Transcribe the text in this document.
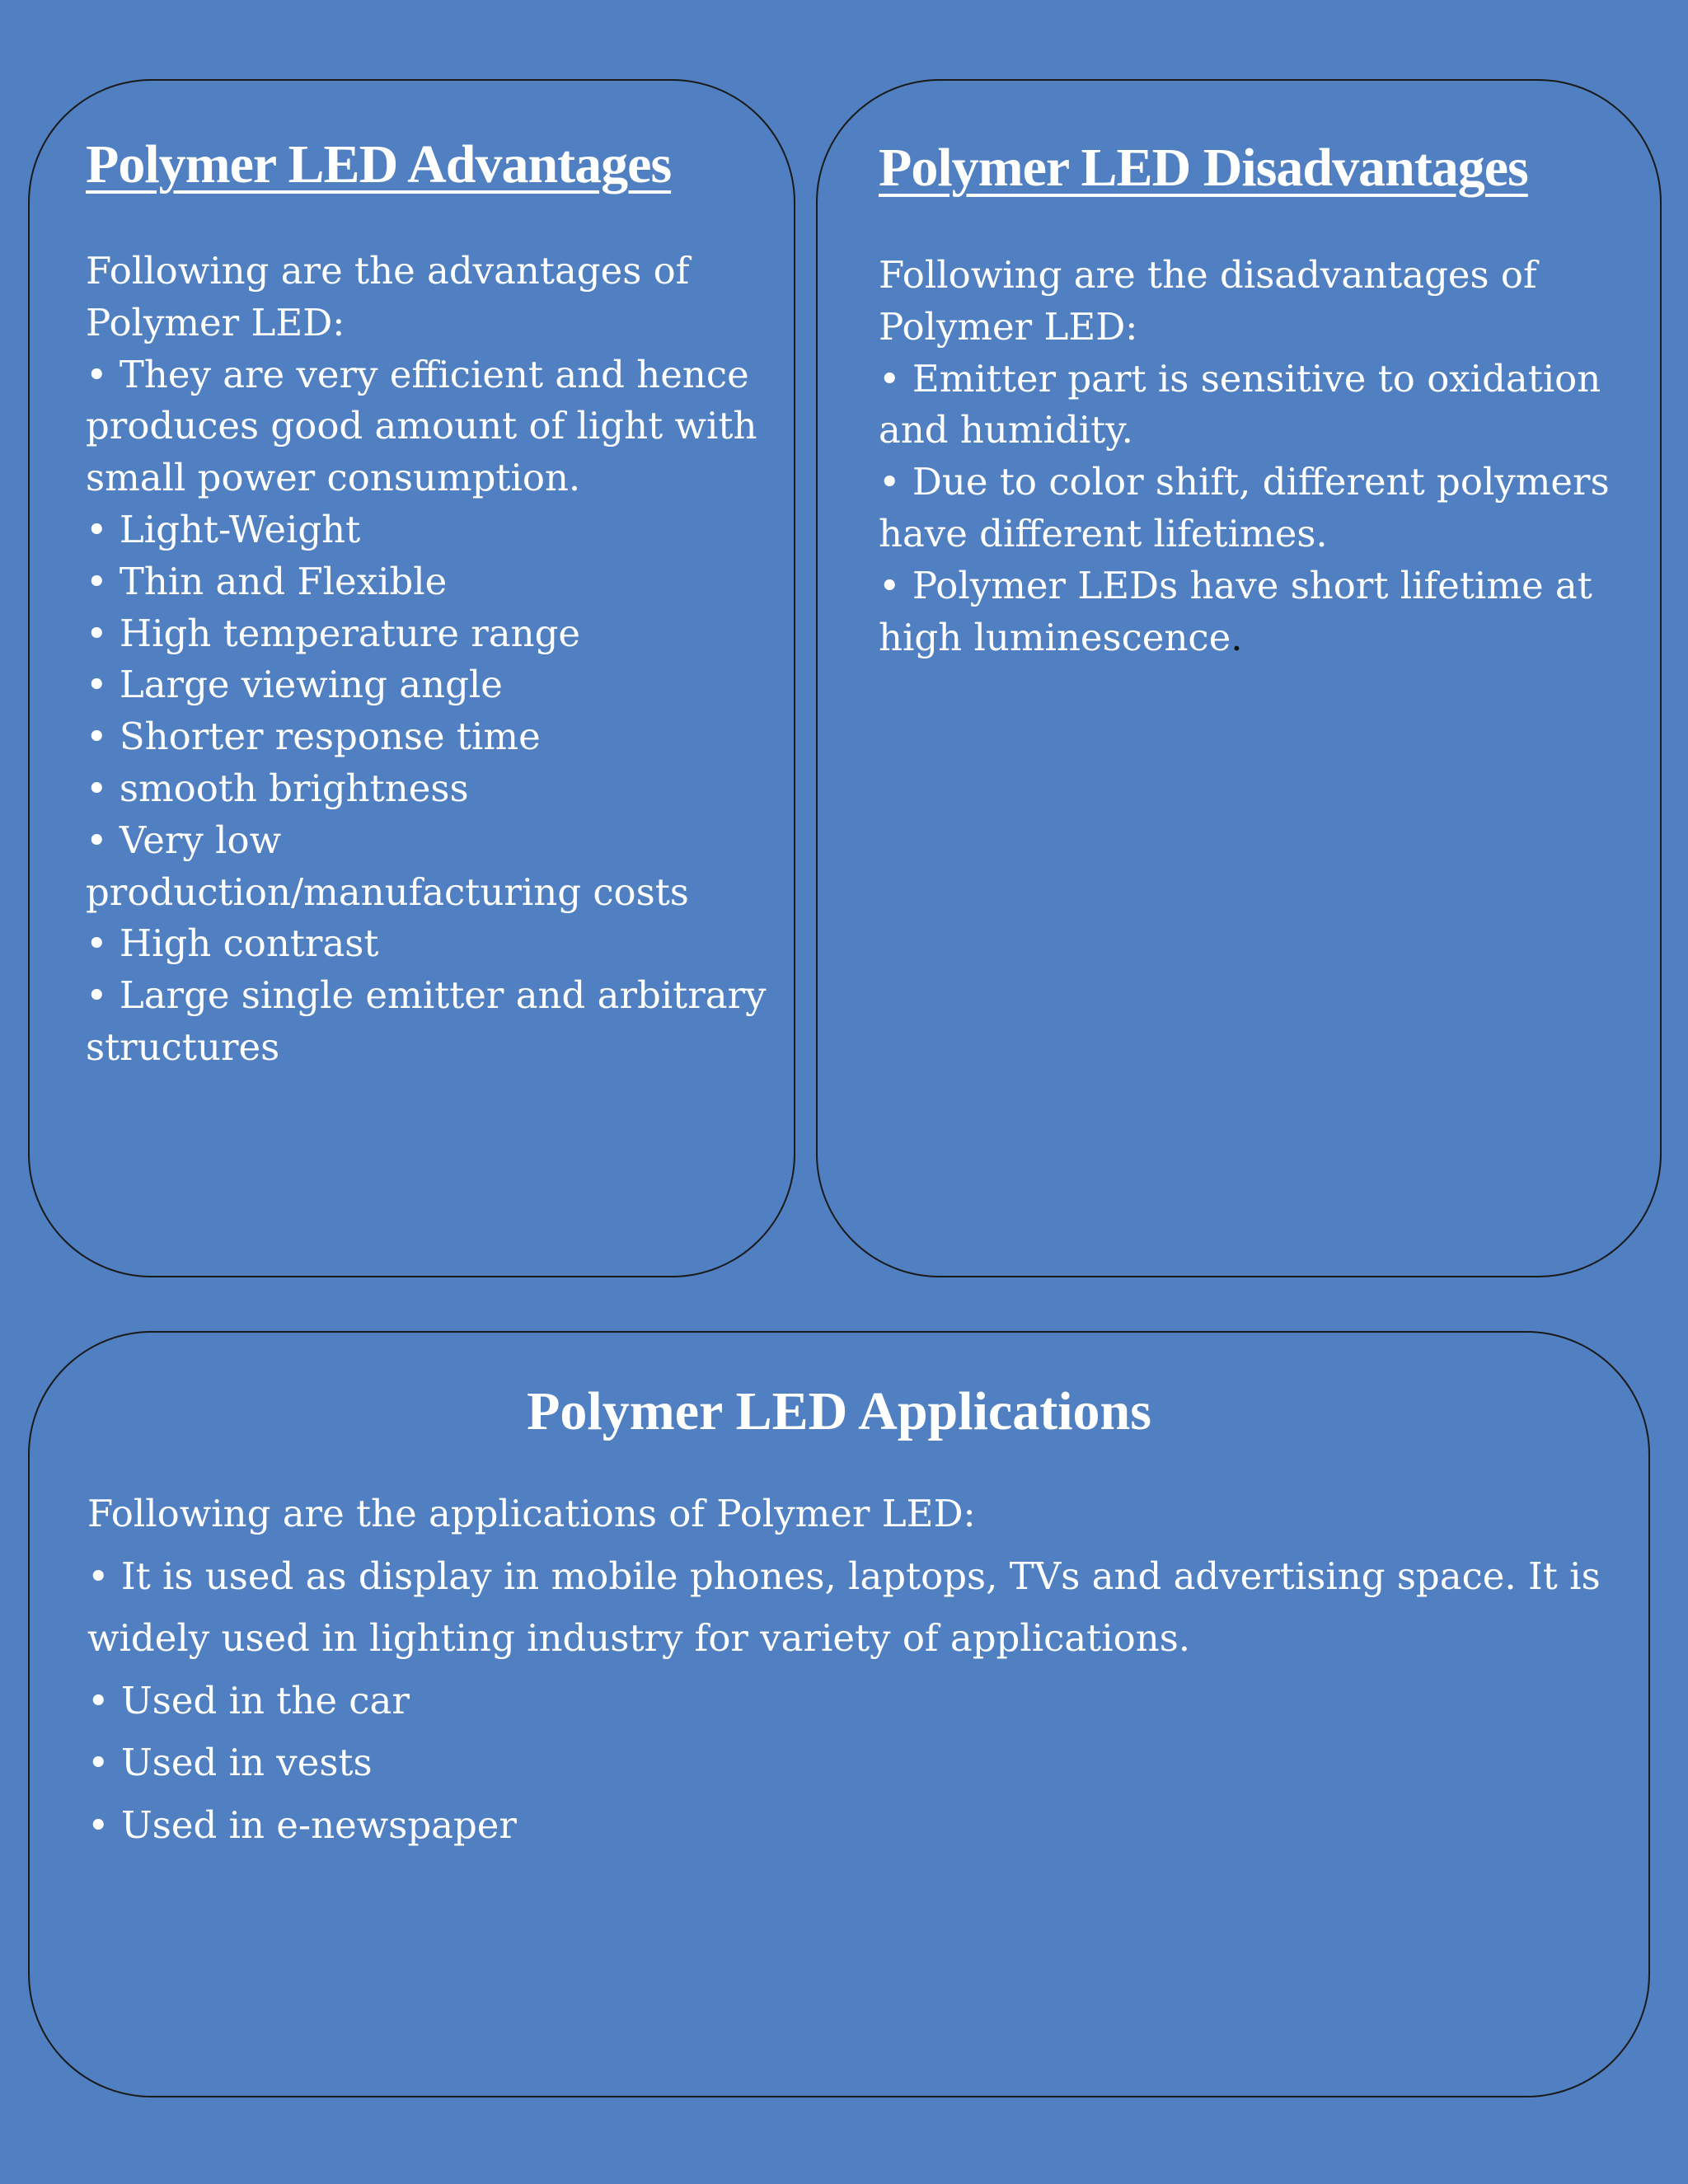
Polymer LED Advantages

Following are the advantages of Polymer LED:

• They are very efficient and hence produces good amount of light with small power consumption.

• Light-Weight

• Thin and Flexible

• High temperature range

• Large viewing angle

• Shorter response time

• smooth brightness

• Very low production/manufacturing costs

• High contrast

• Large single emitter and arbitrary structures

Polymer LED Disadvantages

Following are the disadvantages of Polymer LED:

• Emitter part is sensitive to oxidation and humidity.

• Due to color shift, different polymers have different lifetimes.

• Polymer LEDs have short lifetime at high luminescence.

Polymer LED Applications

Following are the applications of Polymer LED:

• It is used as display in mobile phones, laptops, TVs and advertising space. It is widely used in lighting industry for variety of applications.

• Used in the car

• Used in vests

• Used in e-newspaper
